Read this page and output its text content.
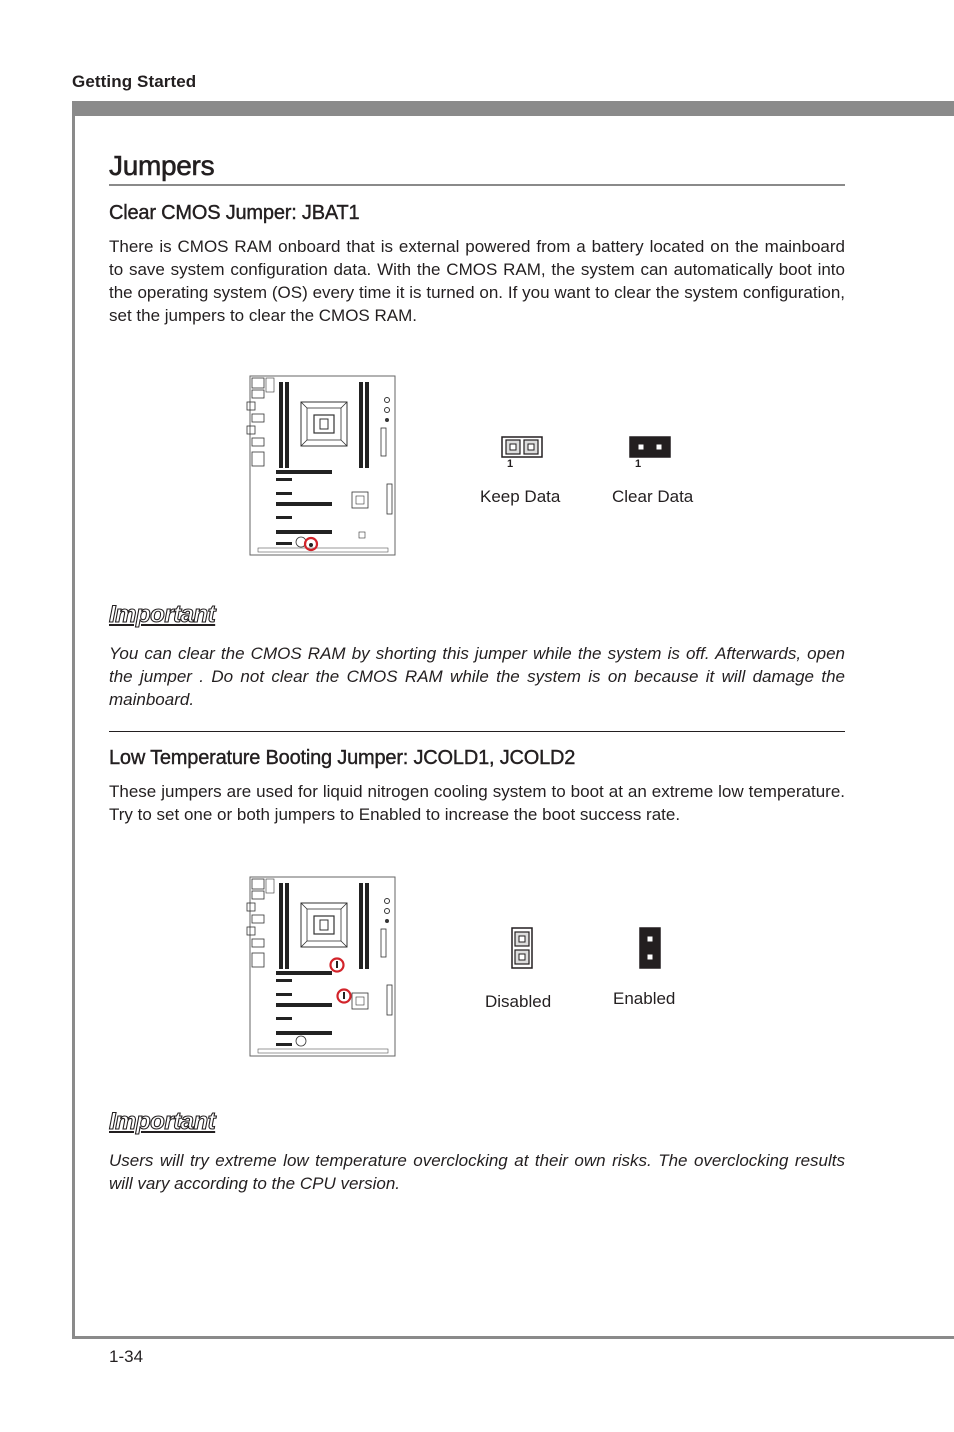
Getting Started
Jumpers
Clear CMOS Jumper: JBAT1
There is CMOS RAM onboard that is external powered from a battery located on the mainboard to save system configuration data. With the CMOS RAM, the system can automatically boot into the operating system (OS) every time it is turned on. If you want to clear the system configuration, set the jumpers to clear the CMOS RAM.
1	1
Keep Data	Clear Data
Important
You can clear the CMOS RAM by shorting this jumper while the system is off. Afterwards, open the jumper . Do not clear the CMOS RAM while the system is on because it will damage the mainboard.
Low Temperature Booting Jumper: JCOLD1, JCOLD2
These jumpers are used for liquid nitrogen cooling system to boot at an extreme low temperature. Try to set one or both jumpers to Enabled to increase the boot success rate.
Disabled	Enabled
Important
Users will try extreme low temperature overclocking at their own risks. The overclocking results will vary according to the CPU version.
1-34
